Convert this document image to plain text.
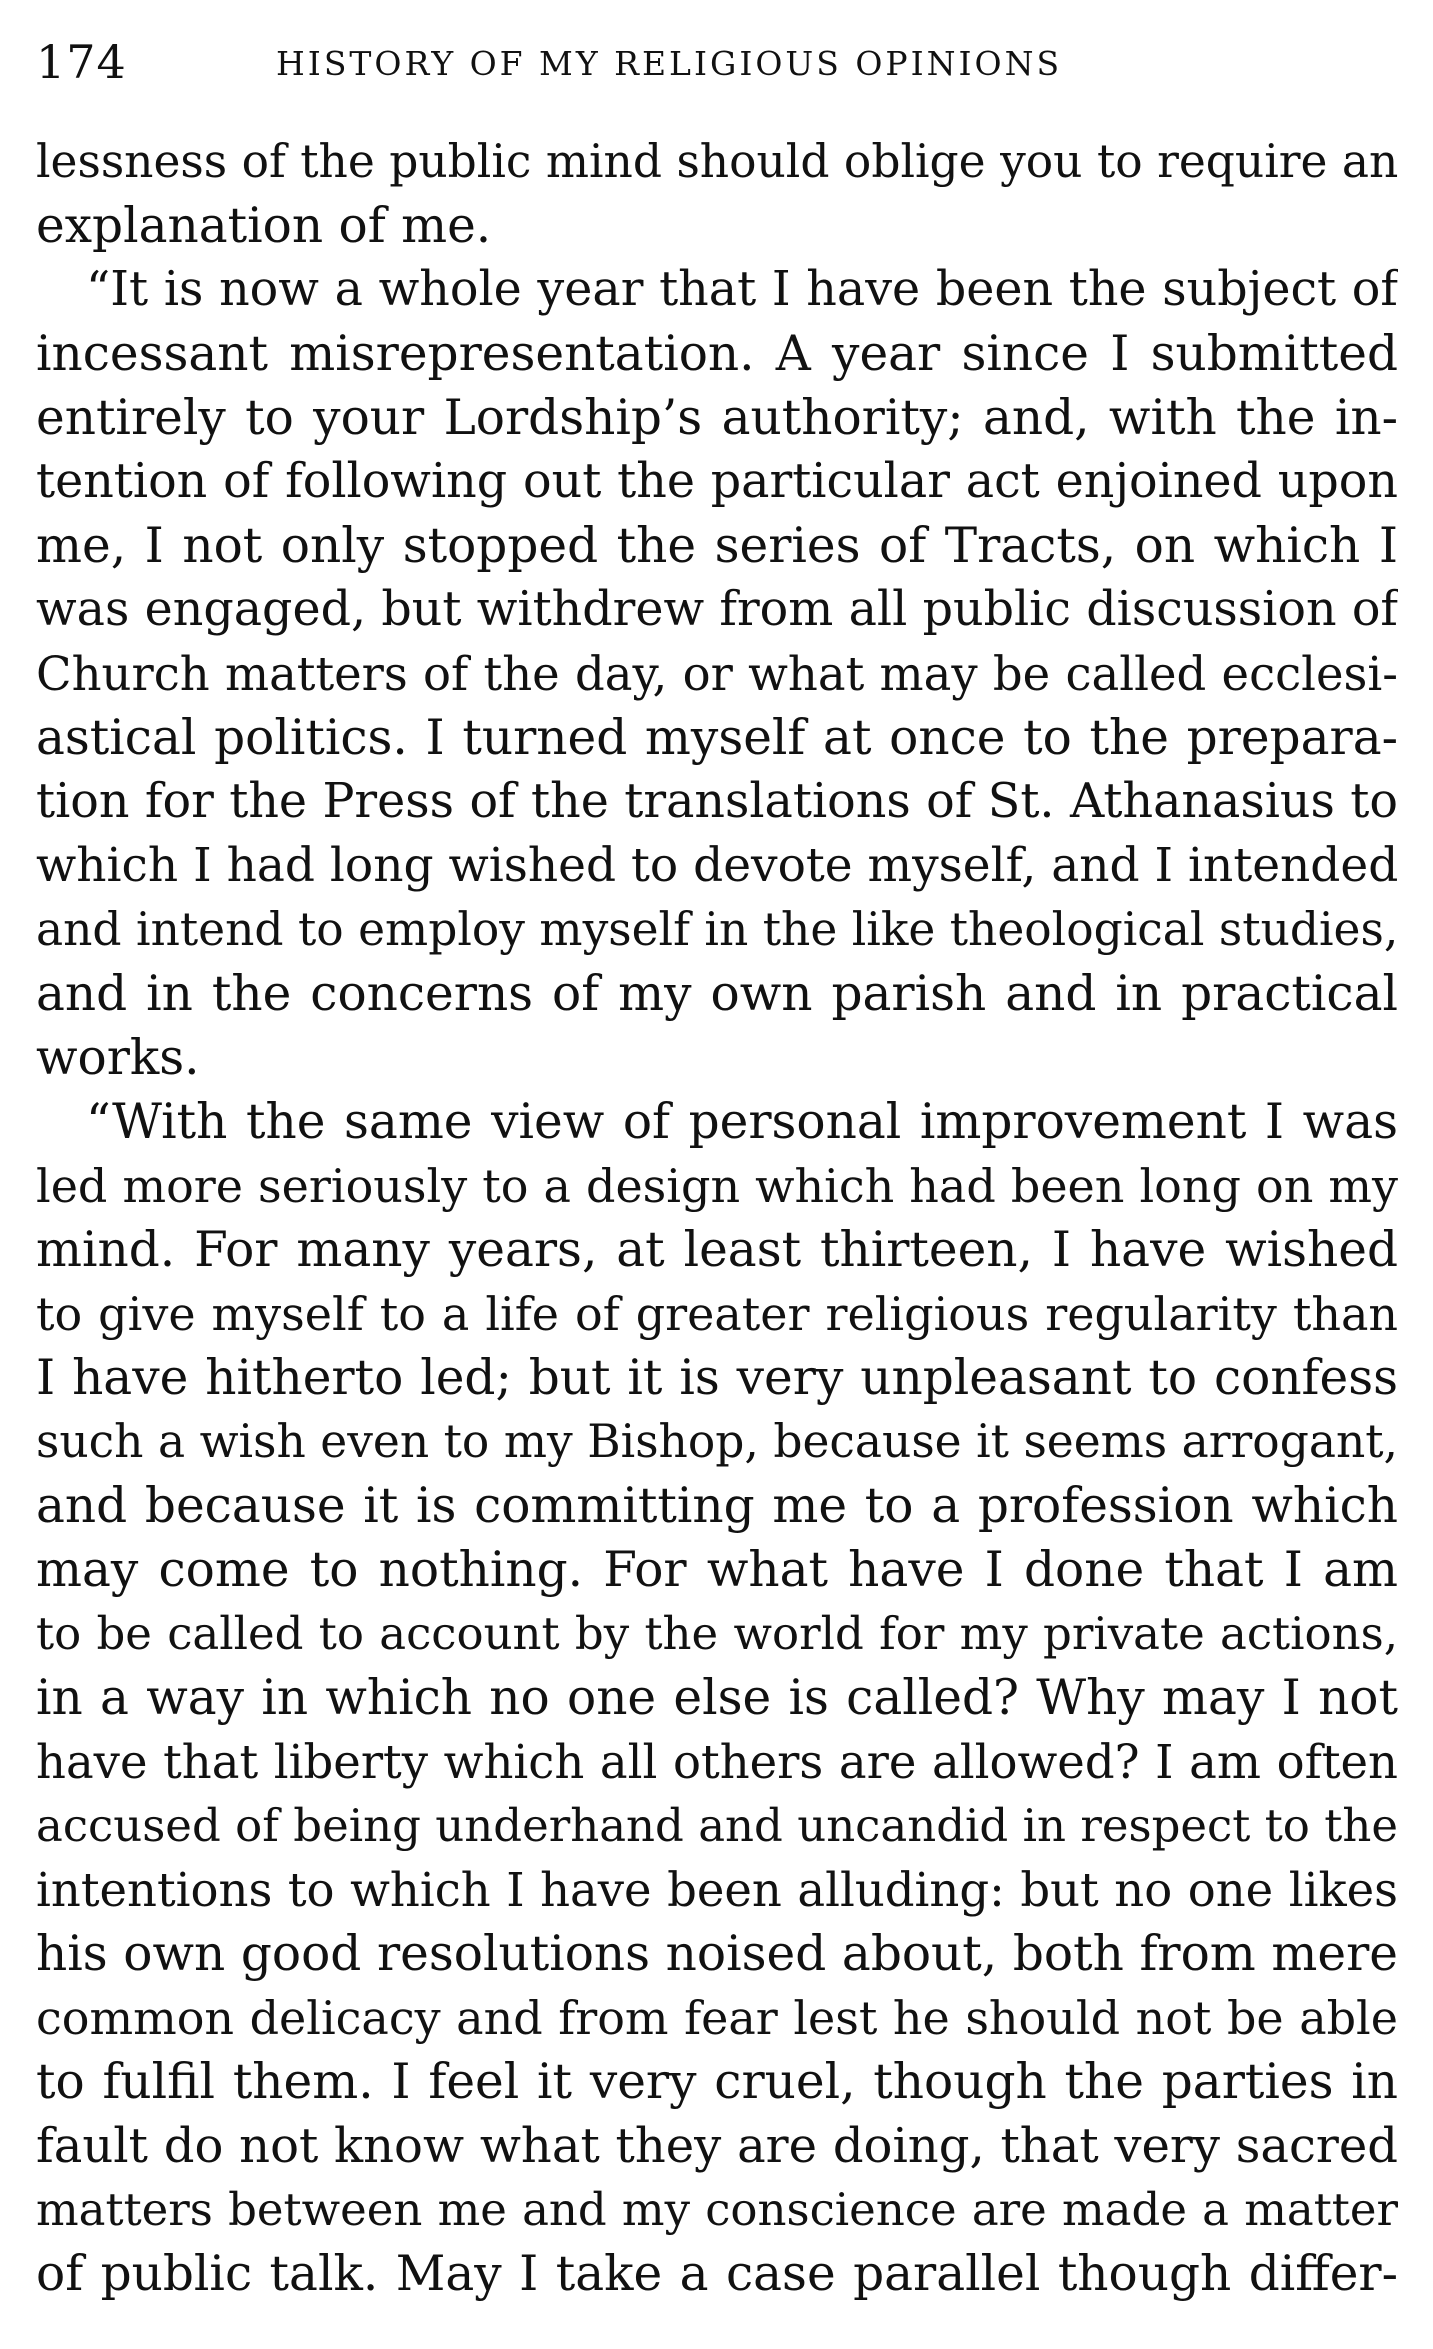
174	HISTORY OF MY RELIGIOUS OPINIONS
lessness of the public mind should oblige you to require an
explanation of me.
“It is now a whole year that I have been the subject of
incessant misrepresentation. A year since I submitted
entirely to your Lordship’s authority; and, with the in-
tention of following out the particular act enjoined upon
me, I not only stopped the series of Tracts, on which I
was engaged, but withdrew from all public discussion of
Church matters of the day, or what may be called ecclesi-
astical politics. I turned myself at once to the prepara-
tion for the Press of the translations of St. Athanasius to
which I had long wished to devote myself, and I intended
and intend to employ myself in the like theological studies,
and in the concerns of my own parish and in practical
works.
“With the same view of personal improvement I was
led more seriously to a design which had been long on my
mind. For many years, at least thirteen, I have wished
to give myself to a life of greater religious regularity than
I have hitherto led; but it is very unpleasant to confess
such a wish even to my Bishop, because it seems arrogant,
and because it is committing me to a profession which
may come to nothing. For what have I done that I am
to be called to account by the world for my private actions,
in a way in which no one else is called? Why may I not
have that liberty which all others are allowed? I am often
accused of being underhand and uncandid in respect to the
intentions to which I have been alluding: but no one likes
his own good resolutions noised about, both from mere
common delicacy and from fear lest he should not be able
to fulfil them. I feel it very cruel, though the parties in
fault do not know what they are doing, that very sacred
matters between me and my conscience are made a matter
of public talk. May I take a case parallel though differ-
